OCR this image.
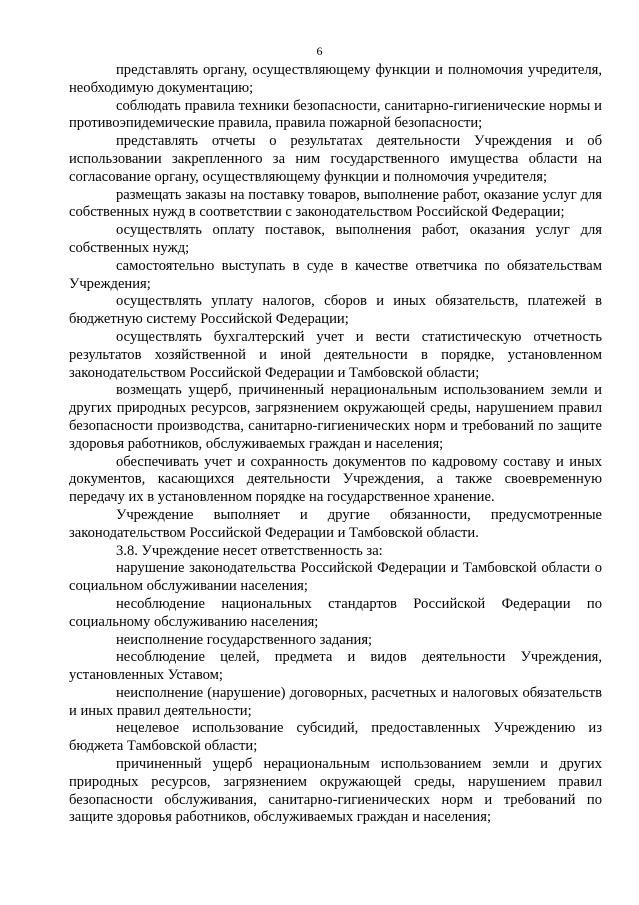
6

представлять органу, осуществляющему функции и полномочия учредителя, необходимую документацию;

соблюдать правила техники безопасности, санитарно-гигиенические нормы и противоэпидемические правила, правила пожарной безопасности;

представлять отчеты о результатах деятельности Учреждения и об использовании закрепленного за ним государственного имущества области на согласование органу, осуществляющему функции и полномочия учредителя;

размещать заказы на поставку товаров, выполнение работ, оказание услуг для собственных нужд в соответствии с законодательством Российской Федерации;

осуществлять оплату поставок, выполнения работ, оказания услуг для собственных нужд;

самостоятельно выступать в суде в качестве ответчика по обязательствам Учреждения;

осуществлять уплату налогов, сборов и иных обязательств, платежей в бюджетную систему Российской Федерации;

осуществлять бухгалтерский учет и вести статистическую отчетность результатов хозяйственной и иной деятельности в порядке, установленном законодательством Российской Федерации и Тамбовской области;

возмещать ущерб, причиненный нерациональным использованием земли и других природных ресурсов, загрязнением окружающей среды, нарушением правил безопасности производства, санитарно-гигиенических норм и требований по защите здоровья работников, обслуживаемых граждан и населения;

обеспечивать учет и сохранность документов по кадровому составу и иных документов, касающихся деятельности Учреждения, а также своевременную передачу их в установленном порядке на государственное хранение.

Учреждение выполняет и другие обязанности, предусмотренные законодательством Российской Федерации и Тамбовской области.

3.8. Учреждение несет ответственность за:

нарушение законодательства Российской Федерации и Тамбовской области о социальном обслуживании населения;

несоблюдение национальных стандартов Российской Федерации по социальному обслуживанию населения;

неисполнение государственного задания;

несоблюдение целей, предмета и видов деятельности Учреждения, установленных Уставом;

неисполнение (нарушение) договорных, расчетных и налоговых обязательств и иных правил деятельности;

нецелевое использование субсидий, предоставленных Учреждению из бюджета Тамбовской области;

причиненный ущерб нерациональным использованием земли и других природных ресурсов, загрязнением окружающей среды, нарушением правил безопасности обслуживания, санитарно-гигиенических норм и требований по защите здоровья работников, обслуживаемых граждан и населения;
